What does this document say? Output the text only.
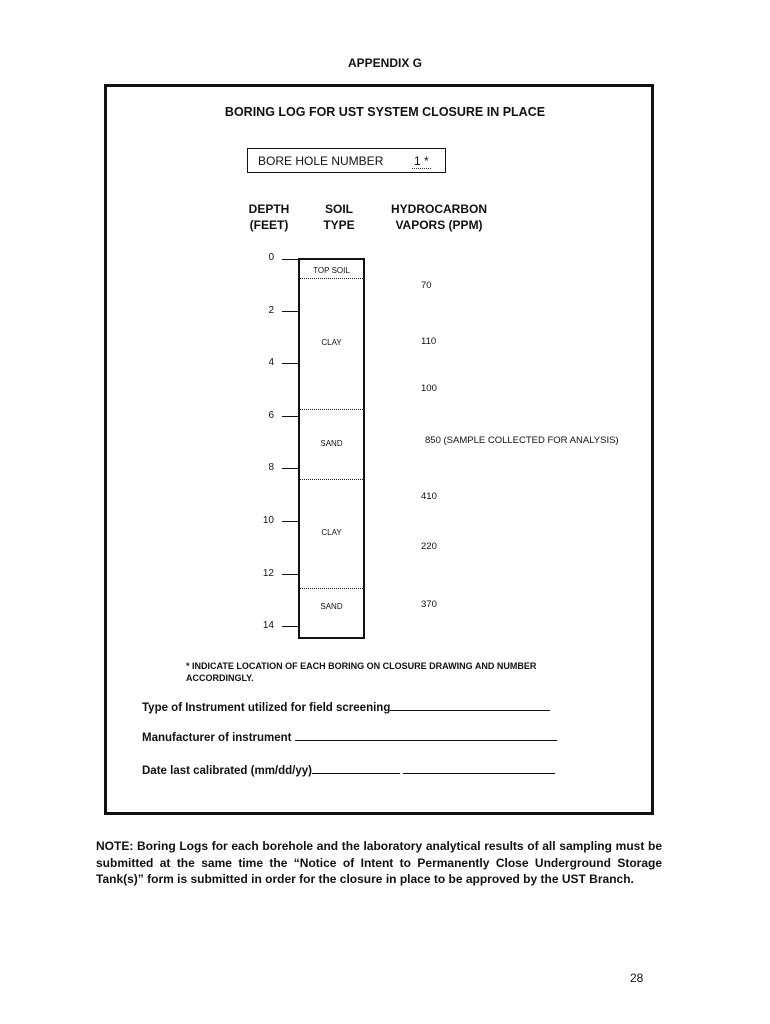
APPENDIX G
BORING LOG FOR UST SYSTEM CLOSURE IN PLACE
BORE HOLE NUMBER	1 *
DEPTH
(FEET)
SOIL
TYPE
HYDROCARBON
VAPORS (PPM)
0
2
4
6
8
10
12
14
TOP SOIL
CLAY
SAND
CLAY
SAND
70
110
100
850 (SAMPLE COLLECTED FOR ANALYSIS)
410
220
370
* INDICATE LOCATION OF EACH BORING ON CLOSURE DRAWING AND NUMBER ACCORDINGLY.
Type of Instrument utilized for field screening
Manufacturer of instrument
Date last calibrated (mm/dd/yy)
NOTE: Boring Logs for each borehole and the laboratory analytical results of all sampling must be submitted at the same time the “Notice of Intent to Permanently Close Underground Storage Tank(s)” form is submitted in order for the closure in place to be approved by the UST Branch.
28
